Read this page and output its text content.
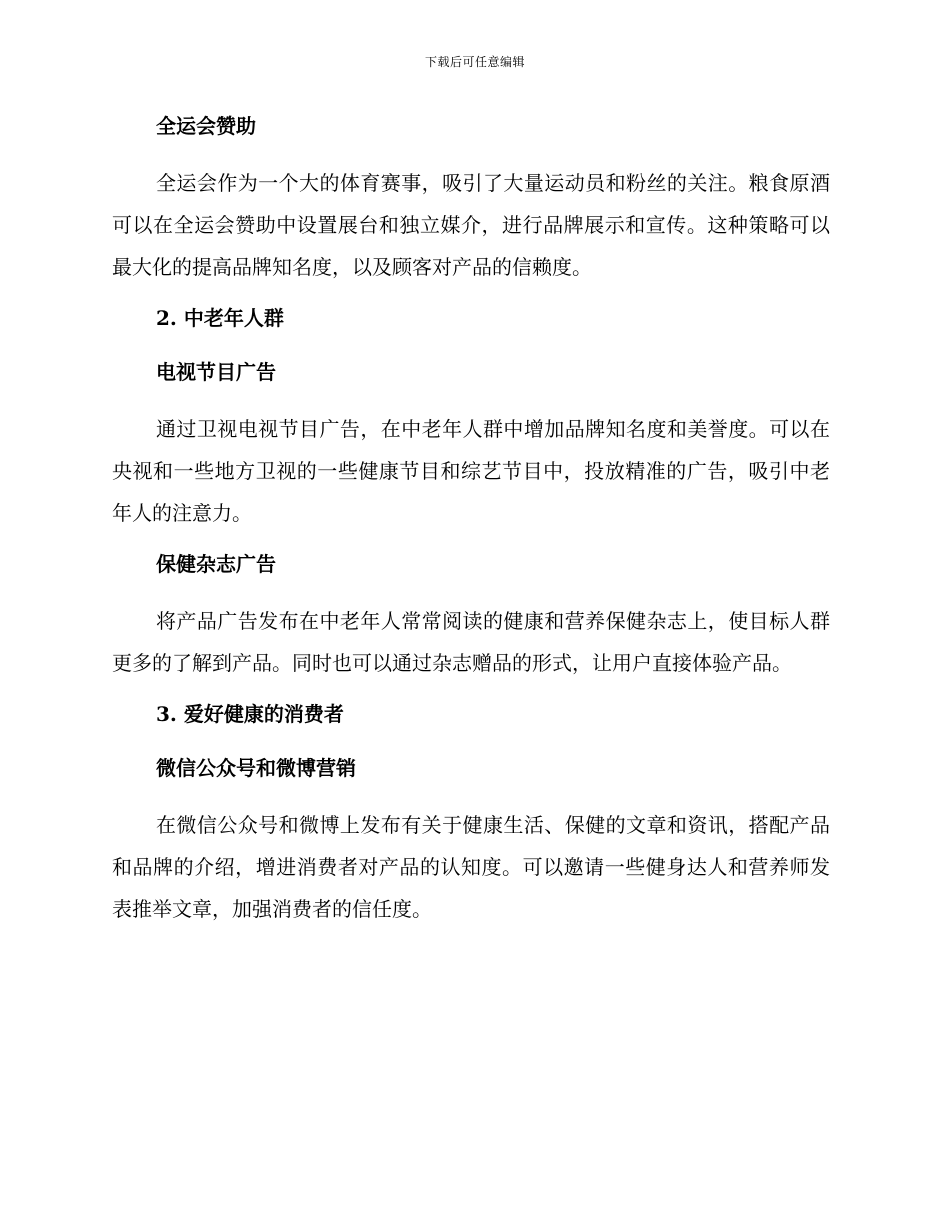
下载后可任意编辑
全运会赞助

全运会作为一个大的体育赛事，吸引了大量运动员和粉丝的关注。粮食原酒可以在全运会赞助中设置展台和独立媒介，进行品牌展示和宣传。这种策略可以最大化的提高品牌知名度，以及顾客对产品的信赖度。

2. 中老年人群
电视节目广告

通过卫视电视节目广告，在中老年人群中增加品牌知名度和美誉度。可以在央视和一些地方卫视的一些健康节目和综艺节目中，投放精准的广告，吸引中老年人的注意力。

保健杂志广告

将产品广告发布在中老年人常常阅读的健康和营养保健杂志上，使目标人群更多的了解到产品。同时也可以通过杂志赠品的形式，让用户直接体验产品。

3. 爱好健康的消费者
微信公众号和微博营销

在微信公众号和微博上发布有关于健康生活、保健的文章和资讯，搭配产品和品牌的介绍，增进消费者对产品的认知度。可以邀请一些健身达人和营养师发表推举文章，加强消费者的信任度。
